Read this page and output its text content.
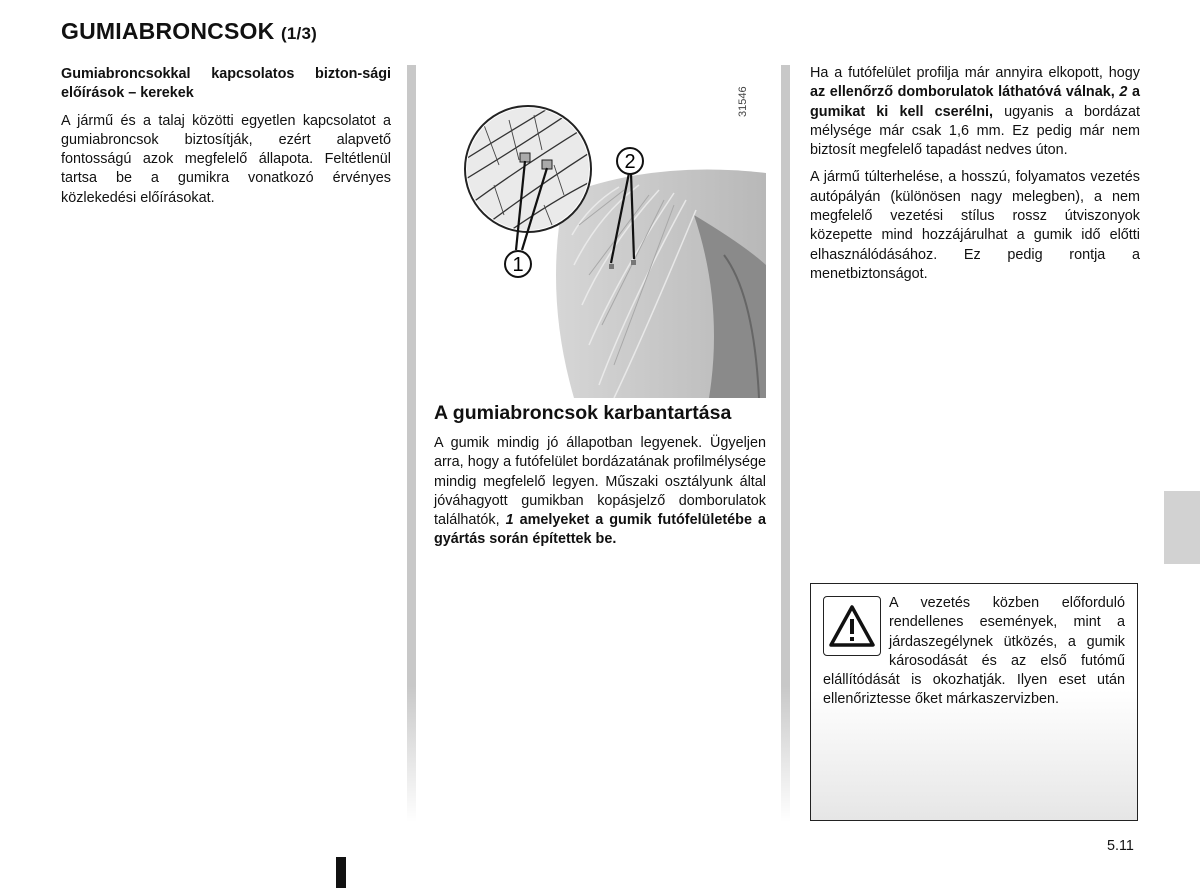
GUMIABRONCSOK (1/3)

Gumiabroncsokkal kapcsolatos bizton-sági előírások – kerekek

A jármű és a talaj közötti egyetlen kapcsolatot a gumiabroncsok biztosítják, ezért alapvető fontosságú azok megfelelő állapota. Feltétlenül tartsa be a gumikra vonatkozó érvényes közlekedési előírásokat.

1
2
31546
A gumiabroncsok karbantartása

A gumik mindig jó állapotban legyenek. Ügyeljen arra, hogy a futófelület bordázatának profilmélysége mindig megfelelő legyen. Műszaki osztályunk által jóváhagyott gumikban kopásjelző domborulatok találhatók, 1 amelyeket a gumik futófelületébe a gyártás során építettek be.

Ha a futófelület profilja már annyira elkopott, hogy az ellenőrző domborulatok láthatóvá válnak, 2 a gumikat ki kell cserélni, ugyanis a bordázat mélysége már csak 1,6 mm. Ez pedig már nem biztosít megfelelő tapadást nedves úton.

A jármű túlterhelése, a hosszú, folyamatos vezetés autópályán (különösen nagy melegben), a nem megfelelő vezetési stílus rossz útviszonyok közepette mind hozzájárulhat a gumik idő előtti elhasználódásához. Ez pedig rontja a menetbiztonságot.

A vezetés közben előforduló rendellenes események, mint a járdaszegélynek ütközés, a gumik károsodását és az első futómű elállítódását is okozhatják. Ilyen eset után ellenőriztesse őket márkaszervizben.
5.11
